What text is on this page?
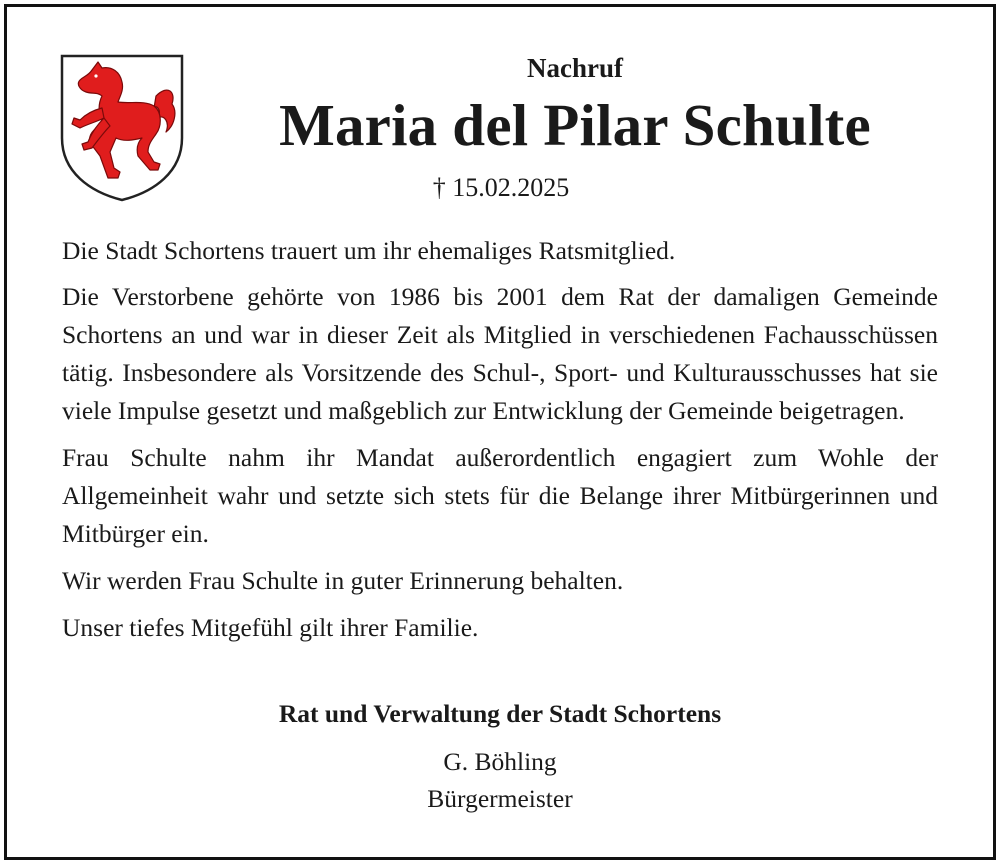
Nachruf
Maria del Pilar Schulte
† 15.02.2025

Die Stadt Schortens trauert um ihr ehemaliges Ratsmitglied.

Die Verstorbene gehörte von 1986 bis 2001 dem Rat der damaligen Gemeinde Schortens an und war in dieser Zeit als Mitglied in verschiedenen Fachausschüssen tätig. Insbesondere als Vorsitzende des Schul-, Sport- und Kulturausschusses hat sie viele Impulse gesetzt und maßgeblich zur Entwicklung der Gemeinde beigetragen.

Frau Schulte nahm ihr Mandat außerordentlich engagiert zum Wohle der Allgemeinheit wahr und setzte sich stets für die Belange ihrer Mitbürgerinnen und Mitbürger ein.

Wir werden Frau Schulte in guter Erinnerung behalten.

Unser tiefes Mitgefühl gilt ihrer Familie.

Rat und Verwaltung der Stadt Schortens
G. Böhling
Bürgermeister
